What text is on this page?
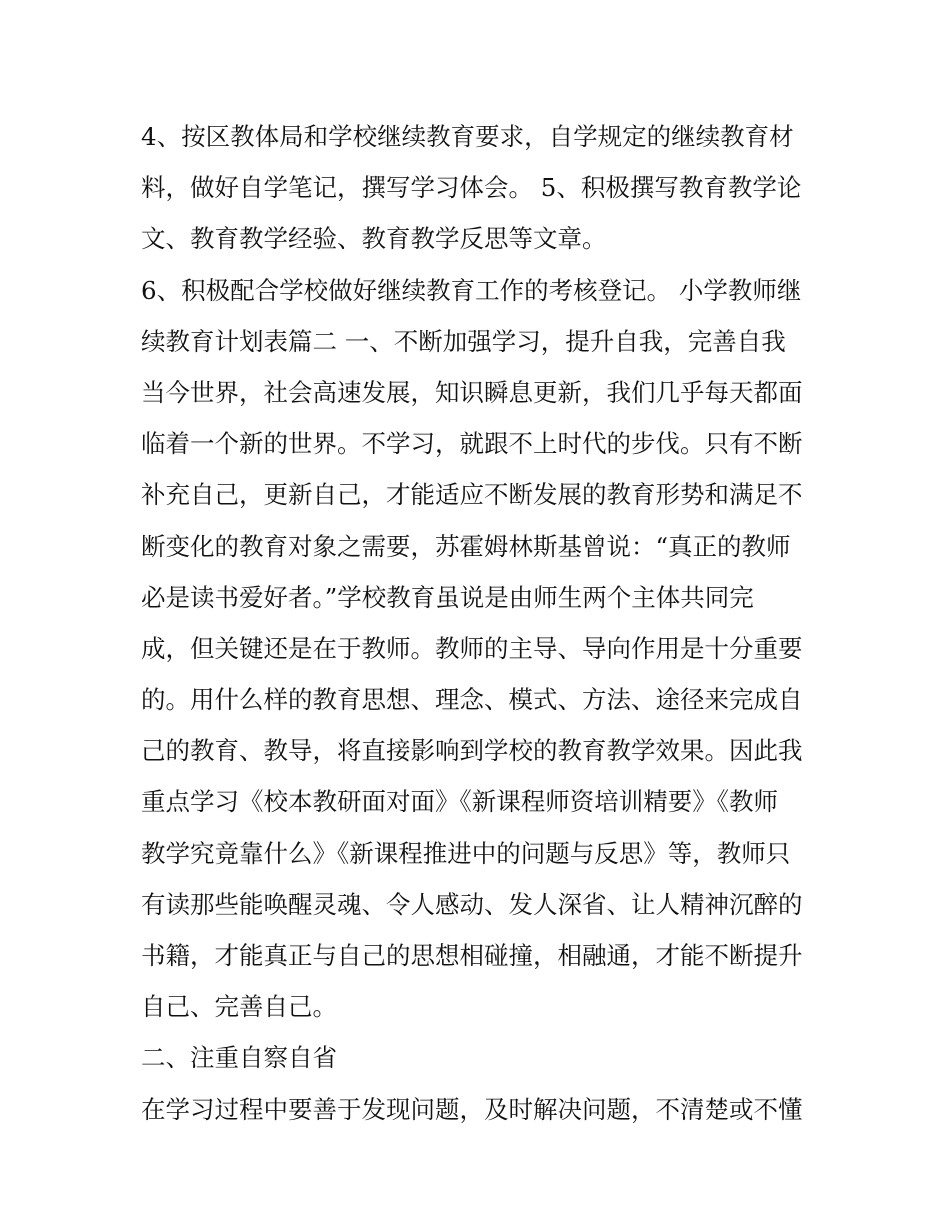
4、按区教体局和学校继续教育要求，自学规定的继续教育材
料，做好自学笔记，撰写学习体会。 5、积极撰写教育教学论
文、教育教学经验、教育教学反思等文章。
6、积极配合学校做好继续教育工作的考核登记。 小学教师继
续教育计划表篇二 一、不断加强学习，提升自我，完善自我
当今世界，社会高速发展，知识瞬息更新，我们几乎每天都面
临着一个新的世界。不学习，就跟不上时代的步伐。只有不断
补充自己，更新自己，才能适应不断发展的教育形势和满足不
断变化的教育对象之需要，苏霍姆林斯基曾说：“真正的教师
必是读书爱好者。”学校教育虽说是由师生两个主体共同完
成，但关键还是在于教师。教师的主导、导向作用是十分重要
的。用什么样的教育思想、理念、模式、方法、途径来完成自
己的教育、教导，将直接影响到学校的教育教学效果。因此我
重点学习《校本教研面对面》《新课程师资培训精要》《教师
教学究竟靠什么》《新课程推进中的问题与反思》等，教师只
有读那些能唤醒灵魂、令人感动、发人深省、让人精神沉醉的
书籍，才能真正与自己的思想相碰撞，相融通，才能不断提升
自己、完善自己。
二、注重自察自省
在学习过程中要善于发现问题，及时解决问题，不清楚或不懂
